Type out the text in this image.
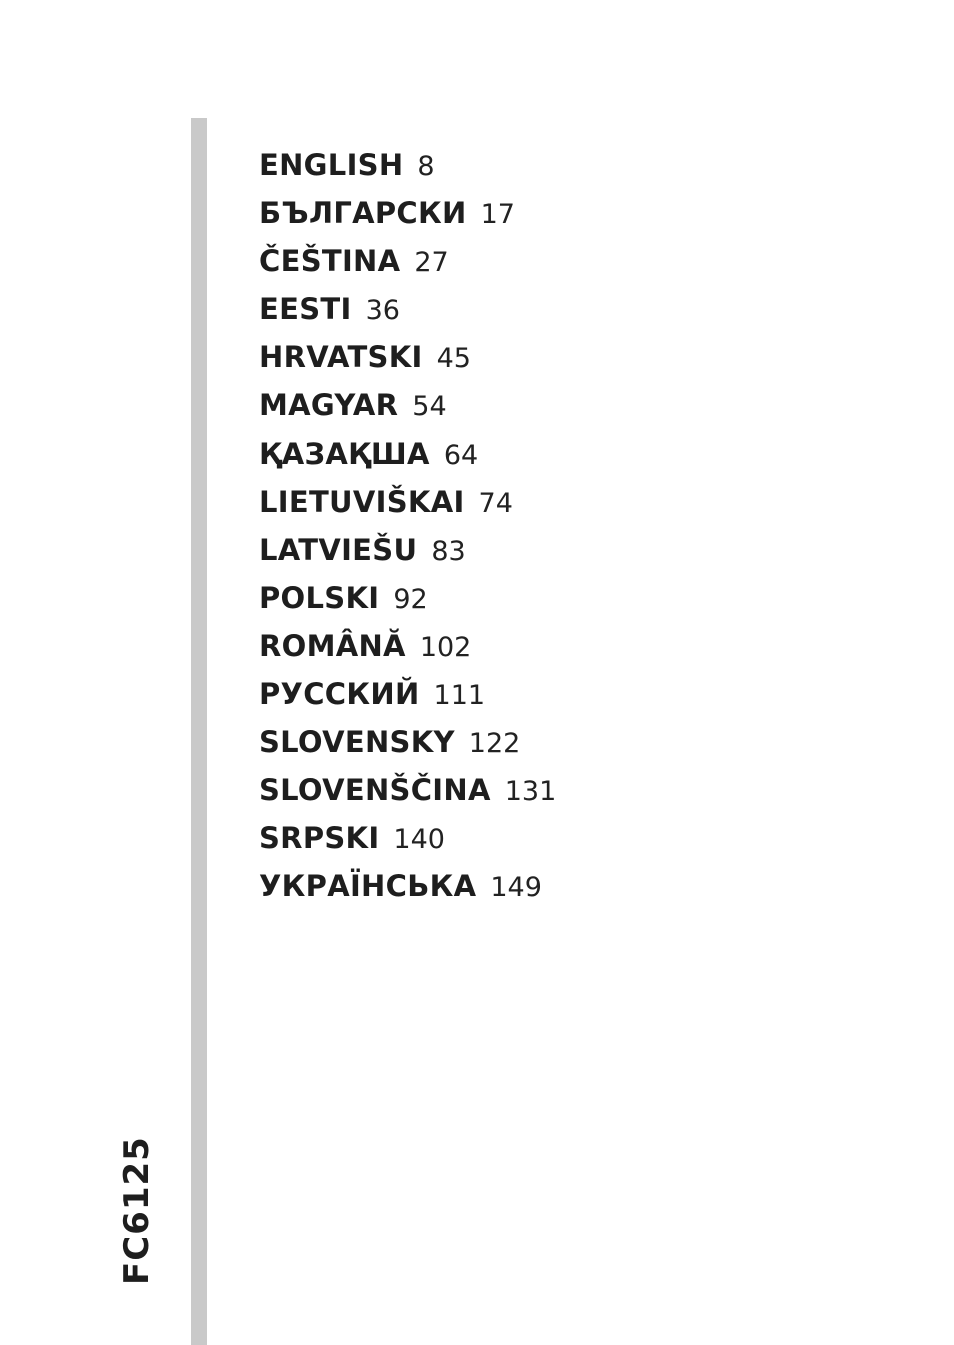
FC6125
ENGLISH 8
БЪЛГАРСКИ 17
ČEŠTINA 27
EESTI 36
HRVATSKI 45
MAGYAR 54
ҚАЗАҚША 64
LIETUVIŠKAI 74
LATVIEŠU 83
POLSKI 92
ROMÂNĂ 102
РУССКИЙ 111
SLOVENSKY 122
SLOVENŠČINA 131
SRPSKI 140
УКРАЇНСЬКА 149
